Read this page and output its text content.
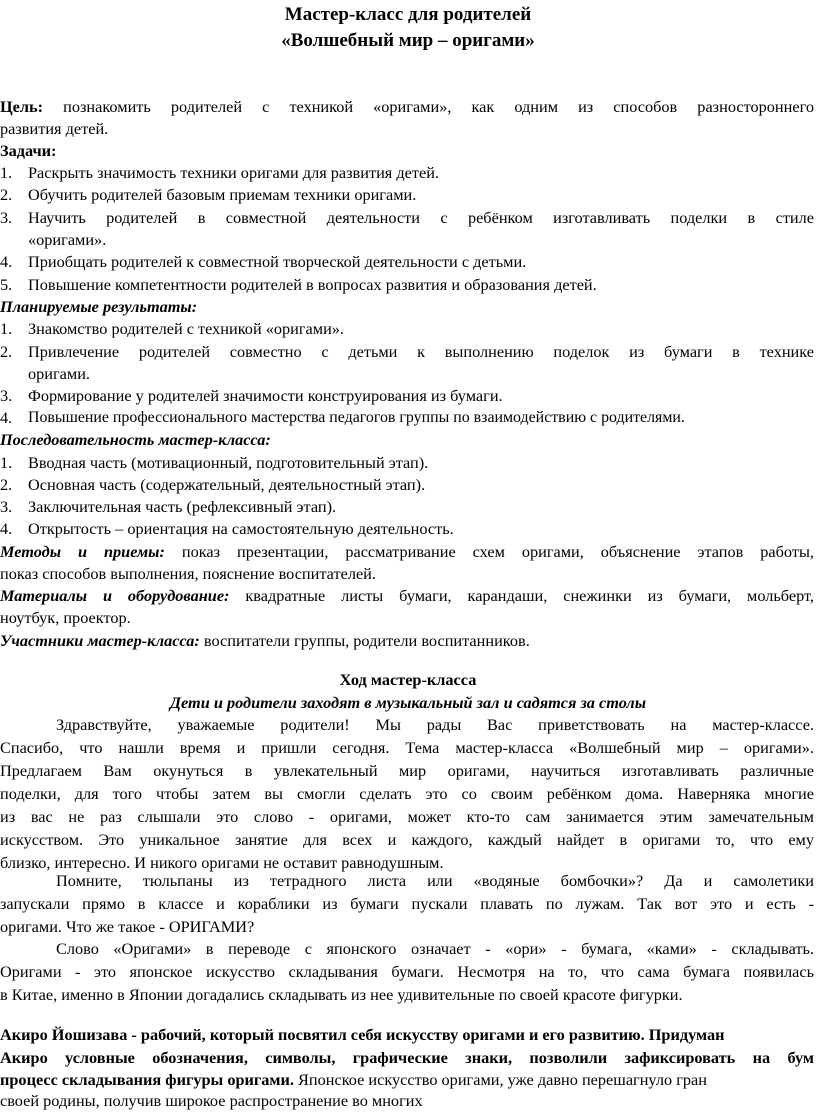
Мастер-класс для родителей
«Волшебный мир – оригами»
Цель: познакомить родителей с техникой «оригами», как одним из способов разностороннего
развития детей.
Задачи:
1. Раскрыть значимость техники оригами для развития детей.
2. Обучить родителей базовым приемам техники оригами.
3. Научить родителей в совместной деятельности с ребёнком изготавливать поделки в стиле
«оригами».
4. Приобщать родителей к совместной творческой деятельности с детьми.
5. Повышение компетентности родителей в вопросах развития и образования детей.
Планируемые результаты:
1. Знакомство родителей с техникой «оригами».
2. Привлечение родителей совместно с детьми к выполнению поделок из бумаги в технике
оригами.
3. Формирование у родителей значимости конструирования из бумаги.
4. Повышение профессионального мастерства педагогов группы по взаимодействию с родителями.
Последовательность мастер-класса:
1. Вводная часть (мотивационный, подготовительный этап).
2. Основная часть (содержательный, деятельностный этап).
3. Заключительная часть (рефлексивный этап).
4. Открытость – ориентация на самостоятельную деятельность.
Методы и приемы: показ презентации, рассматривание схем оригами, объяснение этапов работы,
показ способов выполнения, пояснение воспитателей.
Материалы и оборудование: квадратные листы бумаги, карандаши, снежинки из бумаги, мольберт,
ноутбук, проектор.
Участники мастер-класса: воспитатели группы, родители воспитанников.
Ход мастер-класса
Дети и родители заходят в музыкальный зал и садятся за столы
Здравствуйте, уважаемые родители! Мы рады Вас приветствовать на мастер-классе.
Спасибо, что нашли время и пришли сегодня. Тема мастер-класса «Волшебный мир – оригами».
Предлагаем Вам окунуться в увлекательный мир оригами, научиться изготавливать различные
поделки, для того чтобы затем вы смогли сделать это со своим ребёнком дома. Наверняка многие
из вас не раз слышали это слово - оригами, может кто-то сам занимается этим замечательным
искусством. Это уникальное занятие для всех и каждого, каждый найдет в оригами то, что ему
близко, интересно. И никого оригами не оставит равнодушным.
Помните, тюльпаны из тетрадного листа или «водяные бомбочки»? Да и самолетики
запускали прямо в классе и кораблики из бумаги пускали плавать по лужам. Так вот это и есть -
оригами. Что же такое - ОРИГАМИ?
Слово «Оригами» в переводе с японского означает - «ори» - бумага, «ками» - складывать.
Оригами - это японское искусство складывания бумаги. Несмотря на то, что сама бумага появилась
в Китае, именно в Японии догадались складывать из нее удивительные по своей красоте фигурки.
Акиро Йошизава - рабочий, который посвятил себя искусству оригами и его развитию. Придуман
Акиро условные обозначения, символы, графические знаки, позволили зафиксировать на бум
процесс складывания фигуры оригами. Японское искусство оригами, уже давно перешагнуло гран
своей родины, получив широкое распространение во многих
